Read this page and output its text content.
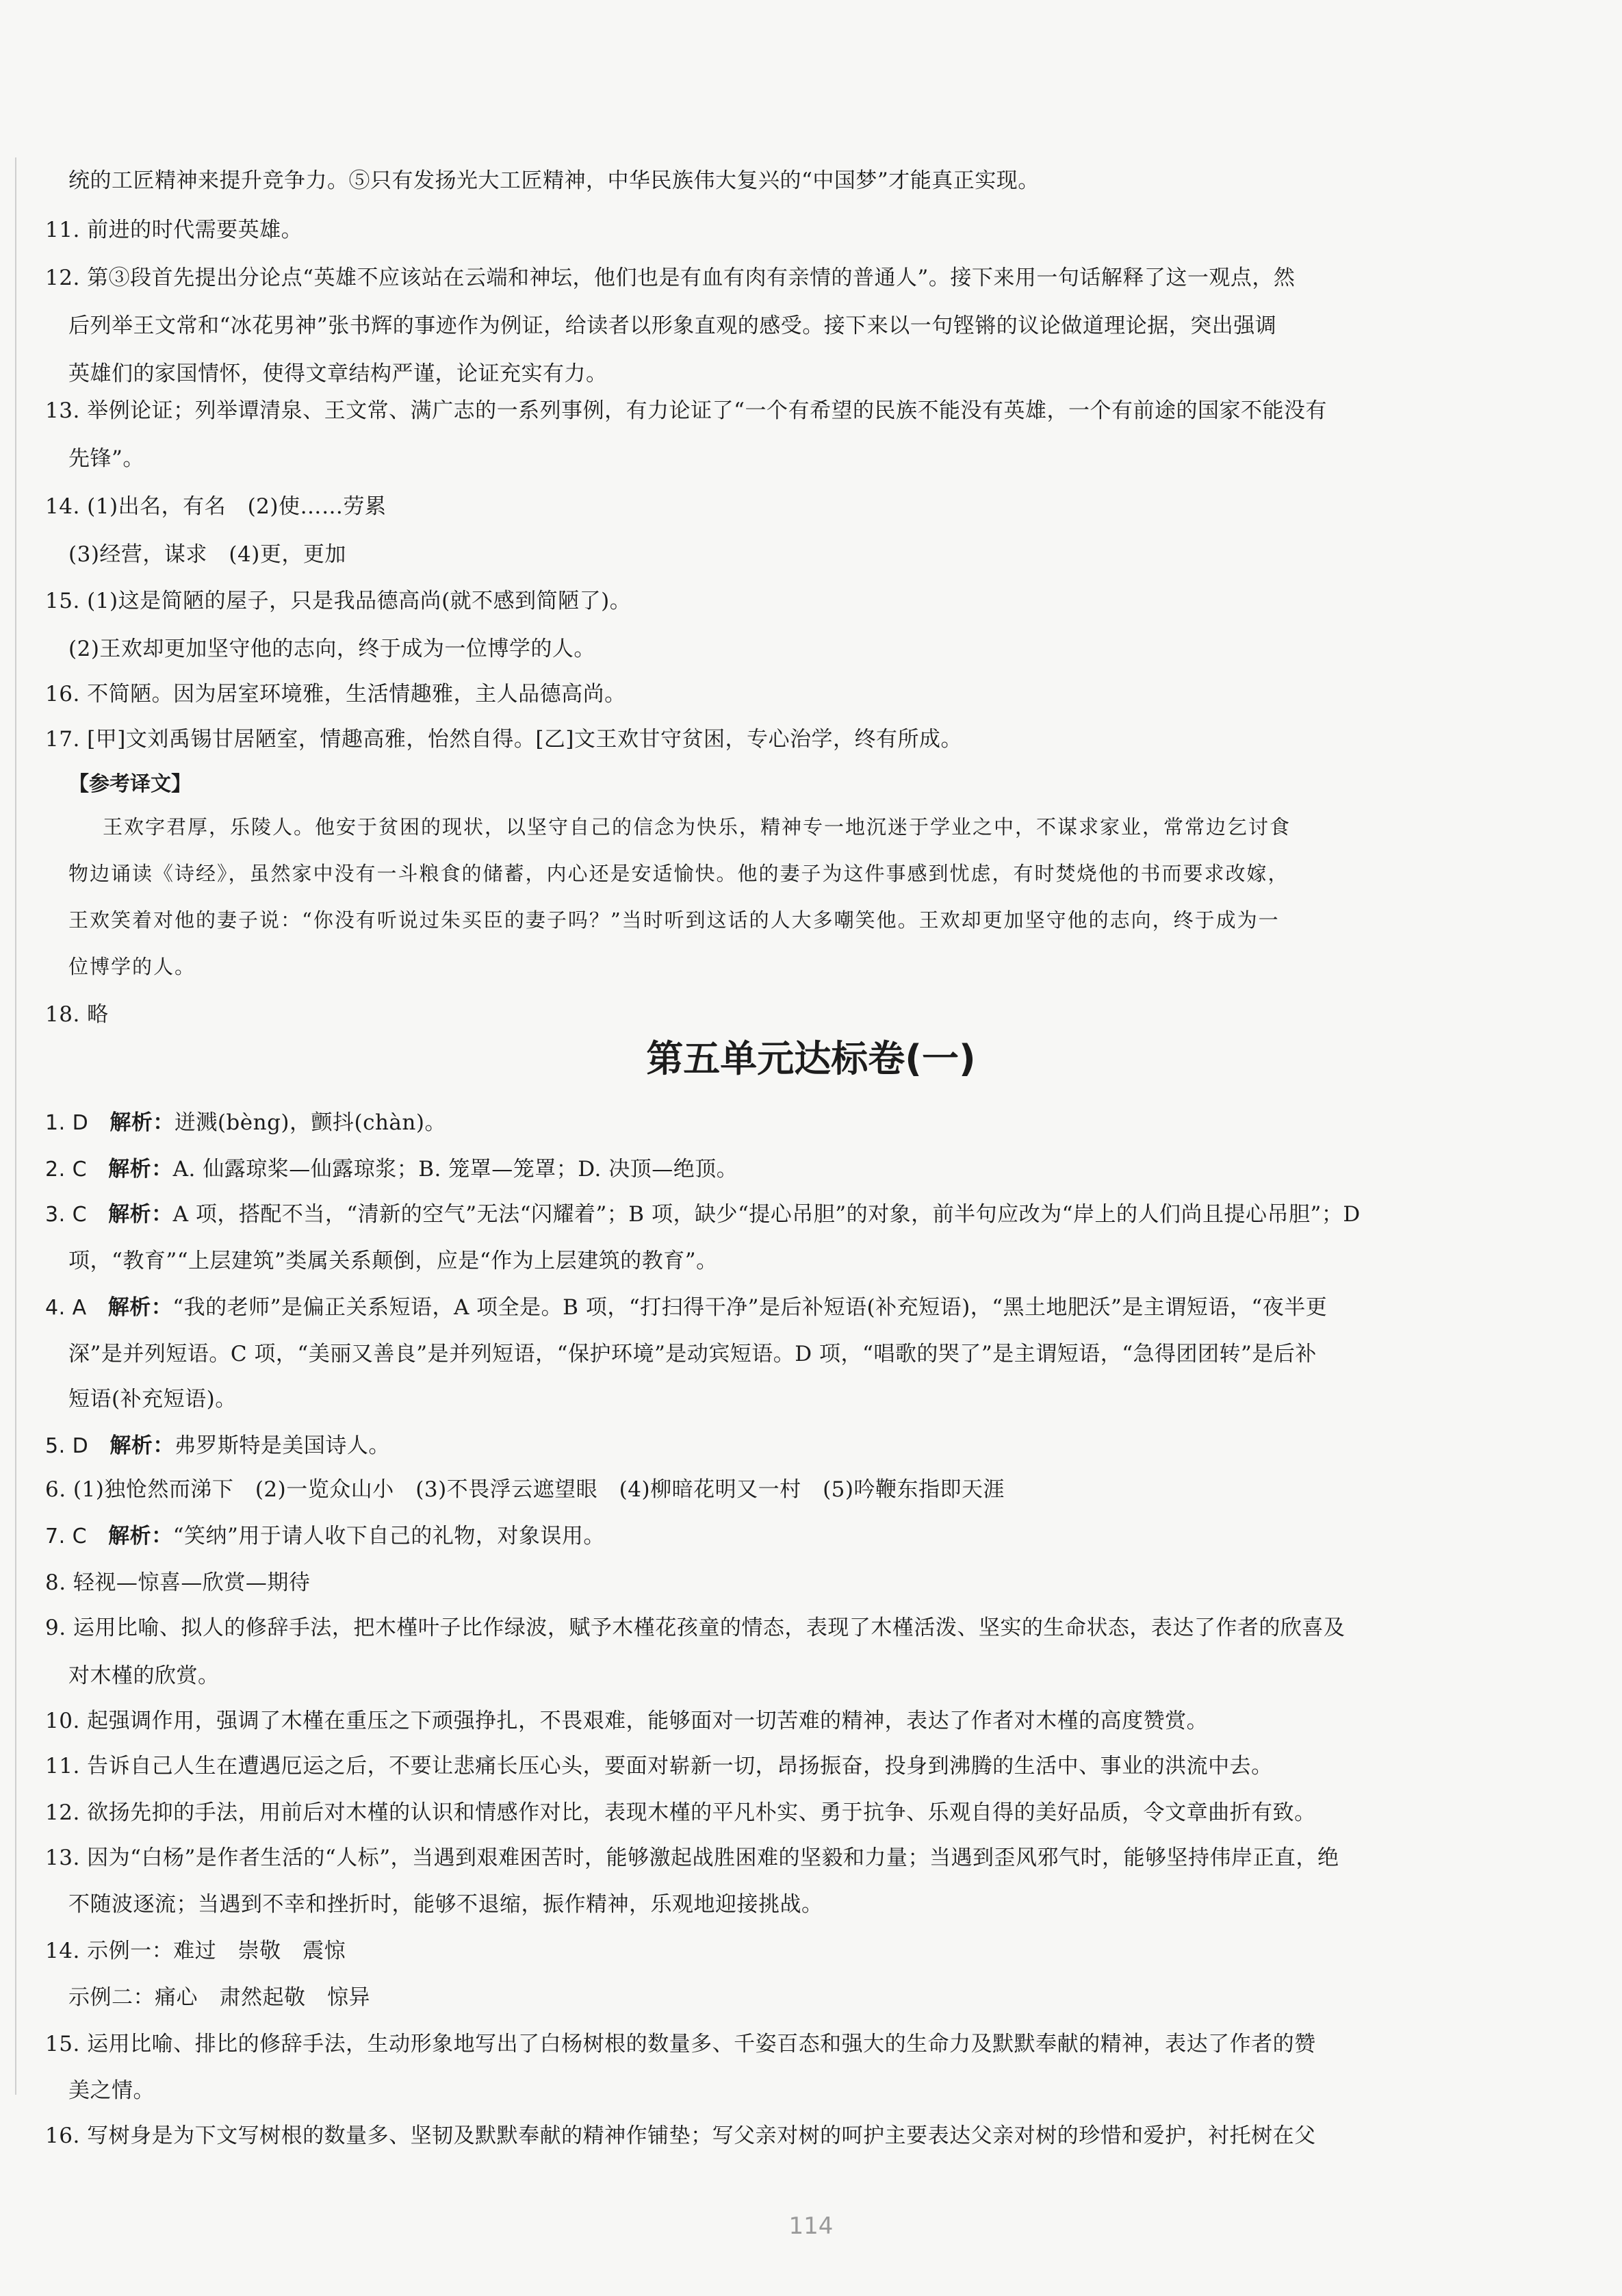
统的工匠精神来提升竞争力。⑤只有发扬光大工匠精神，中华民族伟大复兴的“中国梦”才能真正实现。
11. 前进的时代需要英雄。
12. 第③段首先提出分论点“英雄不应该站在云端和神坛，他们也是有血有肉有亲情的普通人”。接下来用一句话解释了这一观点，然
后列举王文常和“冰花男神”张书辉的事迹作为例证，给读者以形象直观的感受。接下来以一句铿锵的议论做道理论据，突出强调
英雄们的家国情怀，使得文章结构严谨，论证充实有力。
13. 举例论证；列举谭清泉、王文常、满广志的一系列事例，有力论证了“一个有希望的民族不能没有英雄，一个有前途的国家不能没有
先锋”。
14. (1)出名，有名　(2)使……劳累
(3)经营，谋求　(4)更，更加
15. (1)这是简陋的屋子，只是我品德高尚(就不感到简陋了)。
(2)王欢却更加坚守他的志向，终于成为一位博学的人。
16. 不简陋。因为居室环境雅，生活情趣雅，主人品德高尚。
17. [甲]文刘禹锡甘居陋室，情趣高雅，怡然自得。[乙]文王欢甘守贫困，专心治学，终有所成。
【参考译文】
王欢字君厚，乐陵人。他安于贫困的现状，以坚守自己的信念为快乐，精神专一地沉迷于学业之中，不谋求家业，常常边乞讨食
物边诵读《诗经》，虽然家中没有一斗粮食的储蓄，内心还是安适愉快。他的妻子为这件事感到忧虑，有时焚烧他的书而要求改嫁，
王欢笑着对他的妻子说：“你没有听说过朱买臣的妻子吗？”当时听到这话的人大多嘲笑他。王欢却更加坚守他的志向，终于成为一
位博学的人。
18. 略
第五单元达标卷(一)
1. D 解析：迸溅(bèng)，颤抖(chàn)。
2. C 解析：A. 仙露琼桨—仙露琼浆；B. 笼罩—笼罩；D. 决顶—绝顶。
3. C 解析：A 项，搭配不当，“清新的空气”无法“闪耀着”；B 项，缺少“提心吊胆”的对象，前半句应改为“岸上的人们尚且提心吊胆”；D
项，“教育”“上层建筑”类属关系颠倒，应是“作为上层建筑的教育”。
4. A 解析：“我的老师”是偏正关系短语，A 项全是。B 项，“打扫得干净”是后补短语(补充短语)，“黑土地肥沃”是主谓短语，“夜半更
深”是并列短语。C 项，“美丽又善良”是并列短语，“保护环境”是动宾短语。D 项，“唱歌的哭了”是主谓短语，“急得团团转”是后补
短语(补充短语)。
5. D 解析：弗罗斯特是美国诗人。
6. (1)独怆然而涕下　(2)一览众山小　(3)不畏浮云遮望眼　(4)柳暗花明又一村　(5)吟鞭东指即天涯
7. C 解析：“笑纳”用于请人收下自己的礼物，对象误用。
8. 轻视—惊喜—欣赏—期待
9. 运用比喻、拟人的修辞手法，把木槿叶子比作绿波，赋予木槿花孩童的情态，表现了木槿活泼、坚实的生命状态，表达了作者的欣喜及
对木槿的欣赏。
10. 起强调作用，强调了木槿在重压之下顽强挣扎，不畏艰难，能够面对一切苦难的精神，表达了作者对木槿的高度赞赏。
11. 告诉自己人生在遭遇厄运之后，不要让悲痛长压心头，要面对崭新一切，昂扬振奋，投身到沸腾的生活中、事业的洪流中去。
12. 欲扬先抑的手法，用前后对木槿的认识和情感作对比，表现木槿的平凡朴实、勇于抗争、乐观自得的美好品质，令文章曲折有致。
13. 因为“白杨”是作者生活的“人标”，当遇到艰难困苦时，能够激起战胜困难的坚毅和力量；当遇到歪风邪气时，能够坚持伟岸正直，绝
不随波逐流；当遇到不幸和挫折时，能够不退缩，振作精神，乐观地迎接挑战。
14. 示例一：难过　崇敬　震惊
示例二：痛心　肃然起敬　惊异
15. 运用比喻、排比的修辞手法，生动形象地写出了白杨树根的数量多、千姿百态和强大的生命力及默默奉献的精神，表达了作者的赞
美之情。
16. 写树身是为下文写树根的数量多、坚韧及默默奉献的精神作铺垫；写父亲对树的呵护主要表达父亲对树的珍惜和爱护，衬托树在父
114
